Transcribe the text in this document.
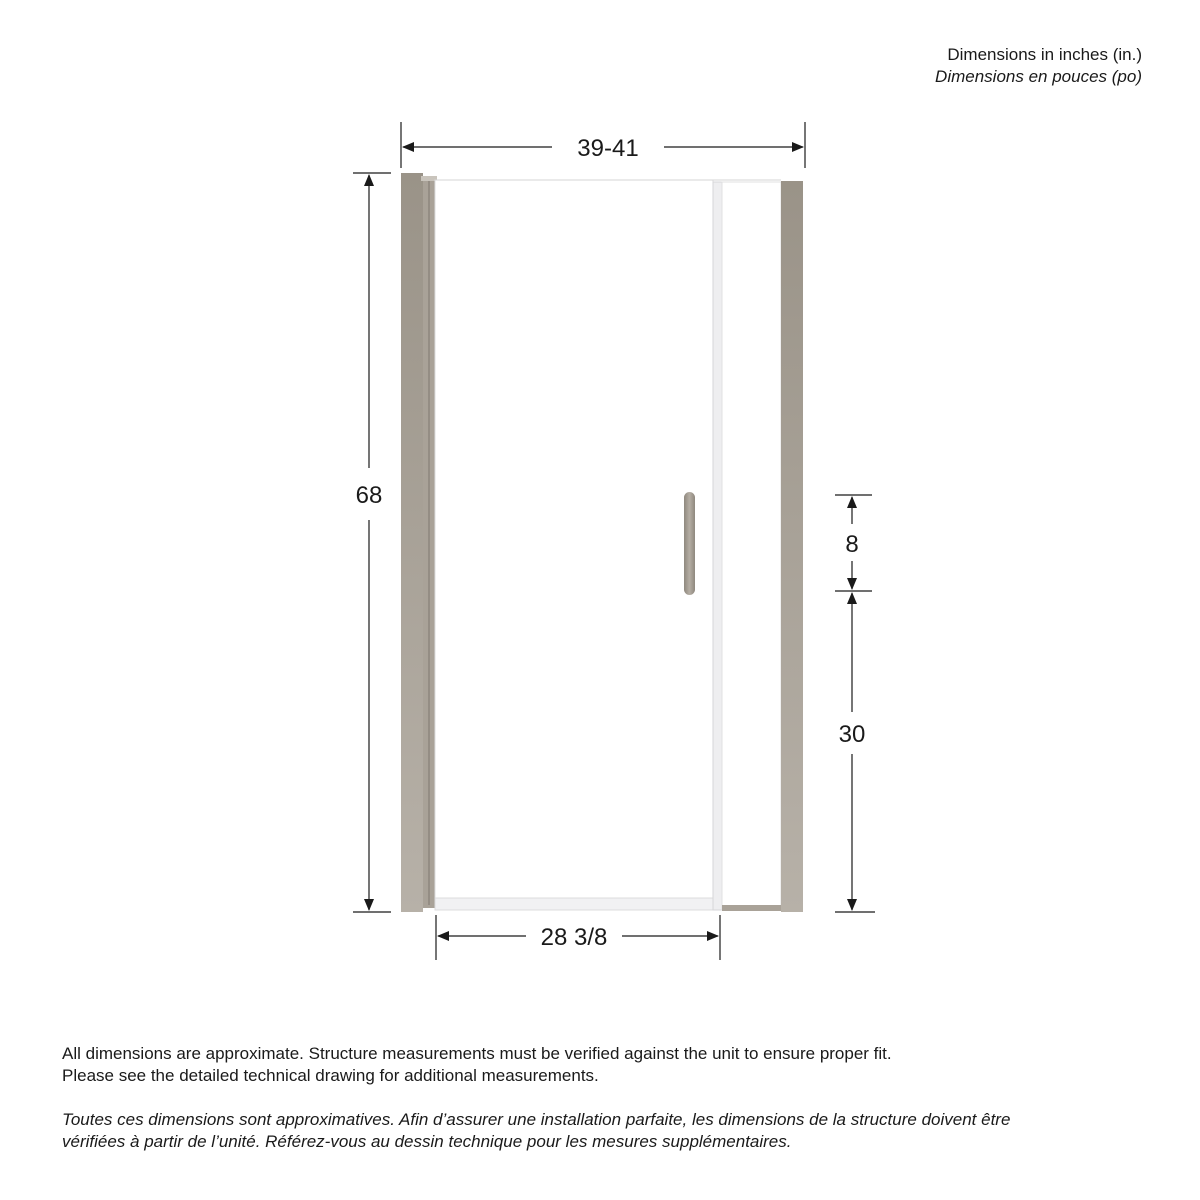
Dimensions in inches (in.)
Dimensions en pouces (po)
39-41
68
8
30
28 3/8

All dimensions are approximate. Structure measurements must be verified against the unit to ensure proper fit.
Please see the detailed technical drawing for additional measurements.

Toutes ces dimensions sont approximatives. Afin d’assurer une installation parfaite, les dimensions de la structure doivent être
vérifiées à partir de l’unité. Référez-vous au dessin technique pour les mesures supplémentaires.
